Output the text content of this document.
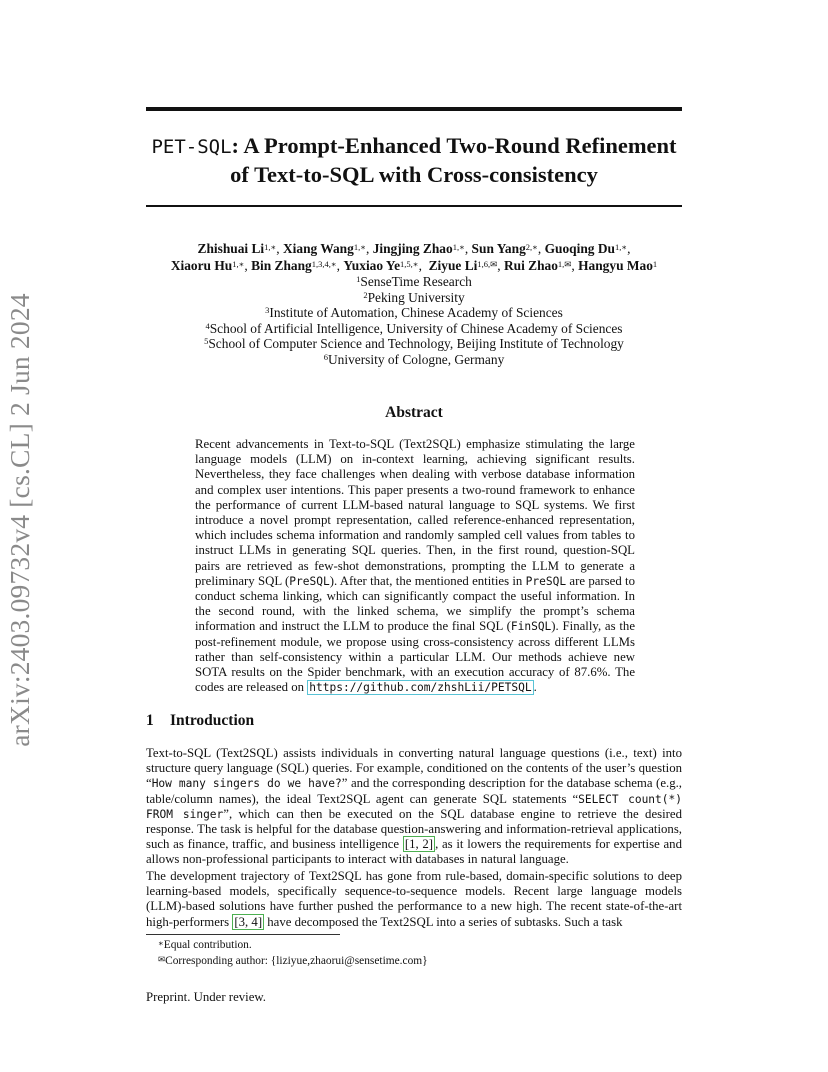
arXiv:2403.09732v4 [cs.CL] 2 Jun 2024
PET-SQL: A Prompt-Enhanced Two-Round Refinement
of Text-to-SQL with Cross-consistency
Zhishuai $Li^{1,∗}$, Xiang Wang$^{1,∗}$, Jingjing Zhao$^{1,∗}$, Sun Yang$^{2,∗}$, Guoqing $Du^{1,∗}$,
Xiaoru $Hu^{1,∗}$, Bin Zhang$^{1,3,4,∗}$, Yuxiao $Ye^{1,5,∗}$,  Ziyue $Li^{1,6,✉}$, Rui Zhao$^{1,✉}$, Hangyu Mao$^1$
$^1$SenseTime Research
$^2$Peking University
$^3$Institute of Automation, Chinese Academy of Sciences
$^4$School of Artificial Intelligence, University of Chinese Academy of Sciences
$^5$School of Computer Science and Technology, Beijing Institute of Technology
$^6$University of Cologne, Germany
Abstract
Recent advancements in Text-to-SQL (Text2SQL) emphasize stimulating the large language models (LLM) on in-context learning, achieving significant results. Nevertheless, they face challenges when dealing with verbose database information and complex user intentions. This paper presents a two-round framework to enhance the performance of current LLM-based natural language to SQL systems. We first introduce a novel prompt representation, called reference-enhanced representation, which includes schema information and randomly sampled cell values from tables to instruct LLMs in generating SQL queries. Then, in the first round, question-SQL pairs are retrieved as few-shot demonstrations, prompting the LLM to generate a preliminary SQL (PreSQL). After that, the mentioned entities in PreSQL are parsed to conduct schema linking, which can significantly compact the useful information. In the second round, with the linked schema, we simplify the prompt’s schema information and instruct the LLM to produce the final SQL (FinSQL). Finally, as the post-refinement module, we propose using cross-consistency across different LLMs rather than self-consistency within a particular LLM. Our methods achieve new SOTA results on the Spider benchmark, with an execution accuracy of 87.6%. The codes are released on https://github.com/zhshLii/PETSQL .
1 Introduction
Text-to-SQL (Text2SQL) assists individuals in converting natural language questions (i.e., text) into structure query language (SQL) queries. For example, conditioned on the contents of the user’s question “How many singers do we have?” and the corresponding description for the database schema (e.g., table/column names), the ideal Text2SQL agent can generate SQL statements “SELECT count(*) FROM singer”, which can then be executed on the SQL database engine to retrieve the desired response. The task is helpful for the database question-answering and information-retrieval applications, such as finance, traffic, and business intelligence [1, 2] , as it lowers the requirements for expertise and allows non-professional participants to interact with databases in natural language.
The development trajectory of Text2SQL has gone from rule-based, domain-specific solutions to deep learning-based models, specifically sequence-to-sequence models. Recent large language models (LLM)-based solutions have further pushed the performance to a new high. The recent state-of-the-art high-performers [3, 4] have decomposed the Text2SQL into a series of subtasks. Such a task
∗Equal contribution.
✉Corresponding author: {liziyue,zhaorui@sensetime.com}
Preprint. Under review.
